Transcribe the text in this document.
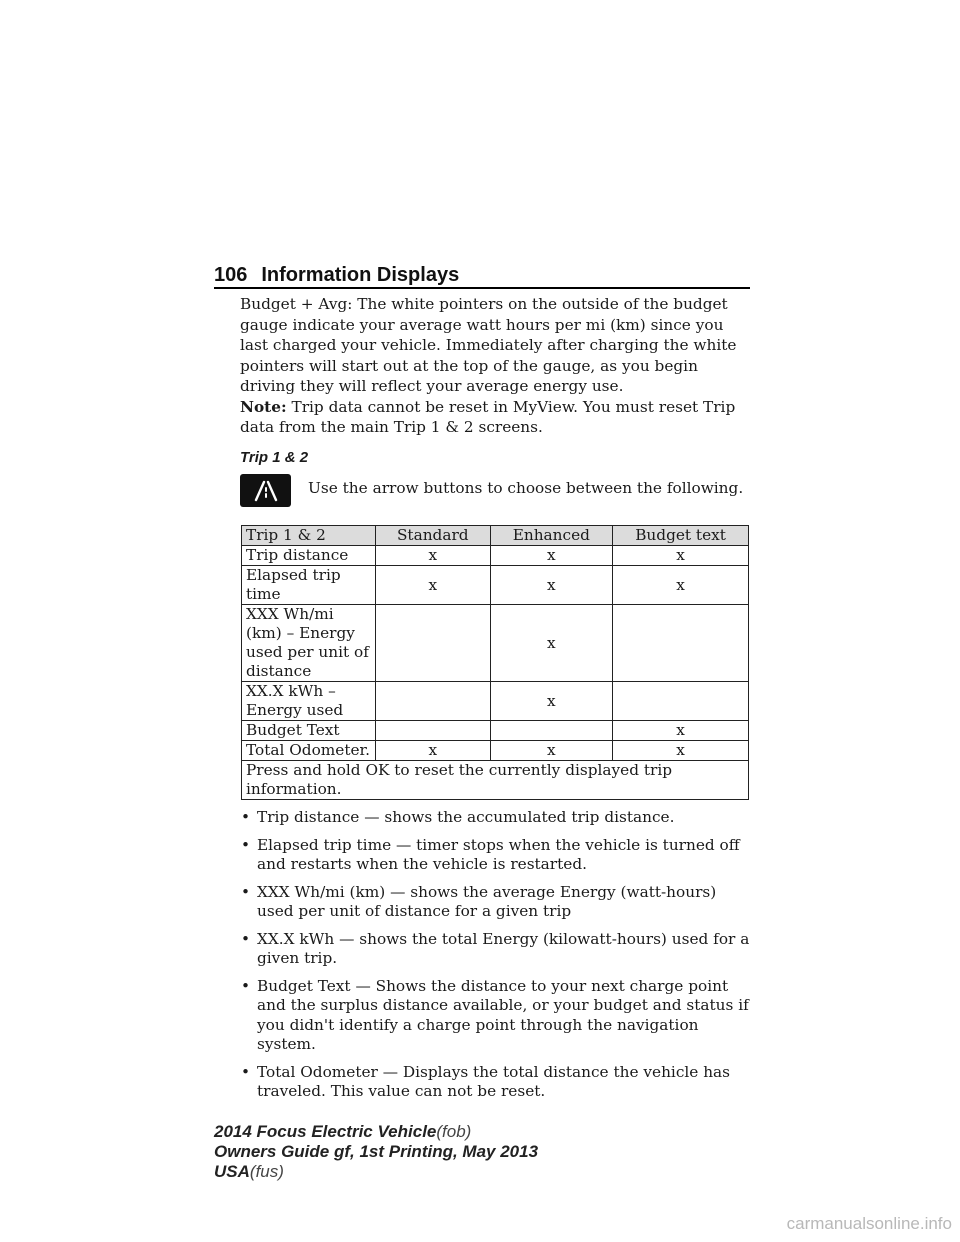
106 Information Displays

Budget + Avg: The white pointers on the outside of the budget gauge indicate your average watt hours per mi (km) since you last charged your vehicle. Immediately after charging the white pointers will start out at the top of the gauge, as you begin driving they will reflect your average energy use.

Note: Trip data cannot be reset in MyView. You must reset Trip data from the main Trip 1 & 2 screens.

Trip 1 & 2
Use the arrow buttons to choose between the following.
Trip 1 & 2	Standard	Enhanced	Budget text
Trip distance	x	x	x
Elapsed trip time	x	x	x
XXX Wh/mi (km) – Energy used per unit of distance		x	
XX.X kWh –Energy used		x	
Budget Text			x
Total Odometer.	x	x	x
Press and hold OK to reset the currently displayed trip information.			
• Trip distance — shows the accumulated trip distance.
• Elapsed trip time — timer stops when the vehicle is turned off and restarts when the vehicle is restarted.
• XXX Wh/mi (km) — shows the average Energy (watt-hours) used per unit of distance for a given trip
• XX.X kWh — shows the total Energy (kilowatt-hours) used for a given trip.
• Budget Text — Shows the distance to your next charge point and the surplus distance available, or your budget and status if you didn't identify a charge point through the navigation system.
• Total Odometer — Displays the total distance the vehicle has traveled. This value can not be reset.
2014 Focus Electric Vehicle(fob)
Owners Guide gf, 1st Printing, May 2013
USA(fus)
carmanualsonline.info
